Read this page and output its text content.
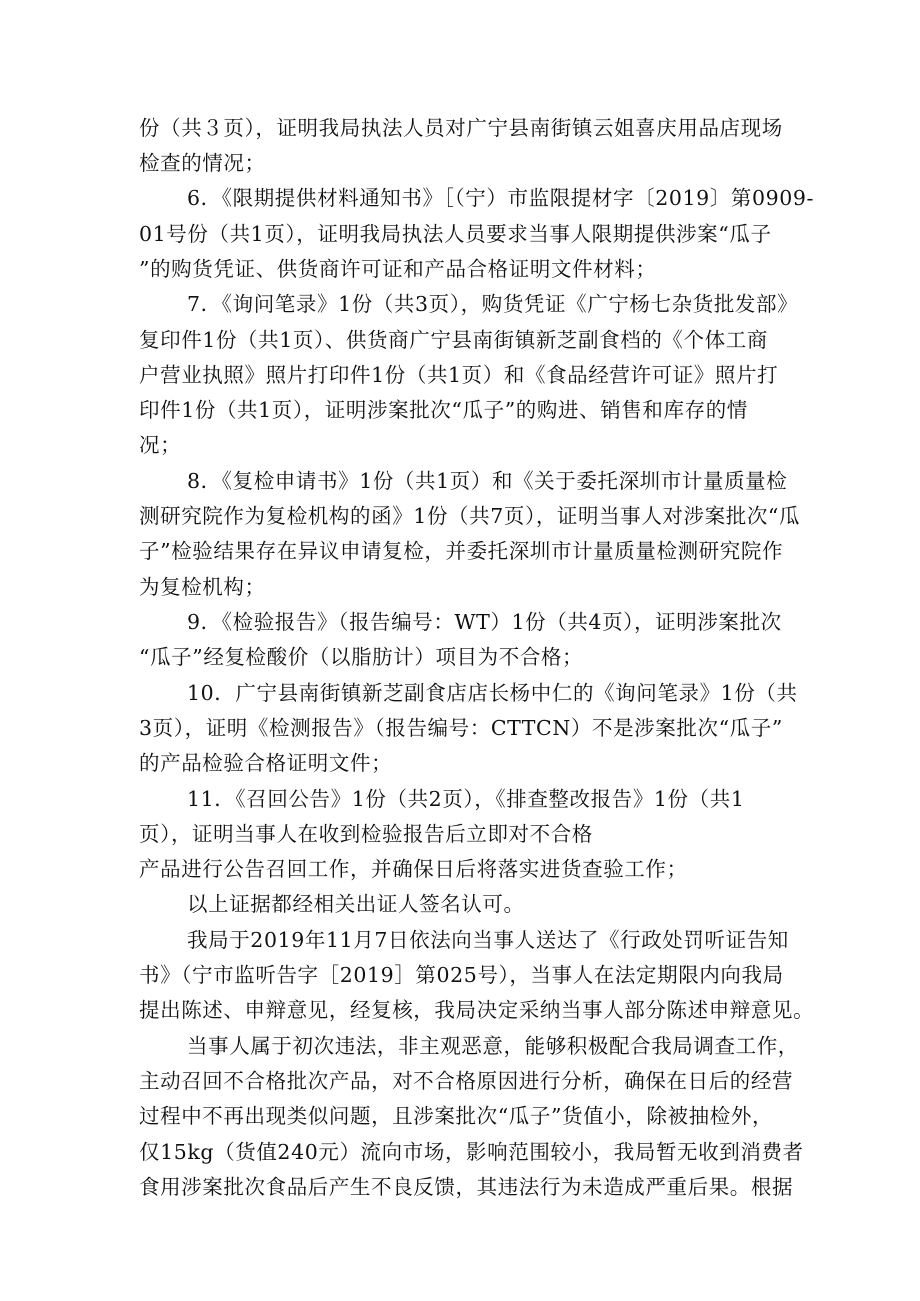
份（共３页），证明我局执法人员对广宁县南街镇云姐喜庆用品店现场
检查的情况；
6．《限期提供材料通知书》［（宁）市监限提材字〔2019〕第0909-
01号份（共1页），证明我局执法人员要求当事人限期提供涉案“瓜子
”的购货凭证、供货商许可证和产品合格证明文件材料；
7．《询问笔录》1份（共3页），购货凭证《广宁杨七杂货批发部》
复印件1份（共1页）、供货商广宁县南街镇新芝副食档的《个体工商
户营业执照》照片打印件1份（共1页）和《食品经营许可证》照片打
印件1份（共1页），证明涉案批次“瓜子”的购进、销售和库存的情
况；
8．《复检申请书》1份（共1页）和《关于委托深圳市计量质量检
测研究院作为复检机构的函》1份（共7页），证明当事人对涉案批次“瓜
子”检验结果存在异议申请复检，并委托深圳市计量质量检测研究院作
为复检机构；
9．《检验报告》（报告编号：WT）1份（共4页），证明涉案批次
“瓜子”经复检酸价（以脂肪计）项目为不合格；
10．广宁县南街镇新芝副食店店长杨中仁的《询问笔录》1份（共
3页），证明《检测报告》（报告编号：CTTCN）不是涉案批次“瓜子”
的产品检验合格证明文件；
11．《召回公告》1份（共2页），《排查整改报告》1份（共1
页），证明当事人在收到检验报告后立即对不合格
产品进行公告召回工作，并确保日后将落实进货查验工作；
以上证据都经相关出证人签名认可。
我局于2019年11月7日依法向当事人送达了《行政处罚听证告知
书》（宁市监听告字［2019］第025号），当事人在法定期限内向我局
提出陈述、申辩意见，经复核，我局决定采纳当事人部分陈述申辩意见。
当事人属于初次违法，非主观恶意，能够积极配合我局调查工作，
主动召回不合格批次产品，对不合格原因进行分析，确保在日后的经营
过程中不再出现类似问题，且涉案批次“瓜子”货值小，除被抽检外，
仅15kg（货值240元）流向市场，影响范围较小，我局暂无收到消费者
食用涉案批次食品后产生不良反馈，其违法行为未造成严重后果。根据
